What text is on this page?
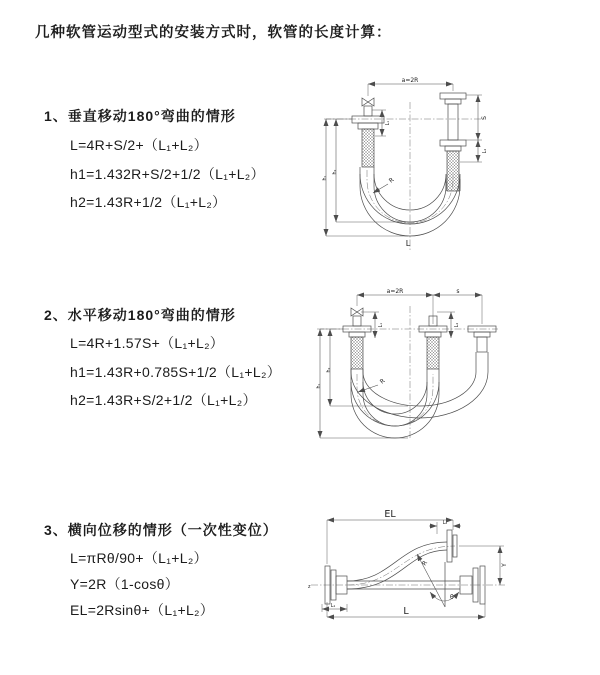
几种软管运动型式的安装方式时，软管的长度计算：
1、垂直移动180°弯曲的情形
L=4R+S/2+（L₁+L₂）
h1=1.432R+S/2+1/2（L₁+L₂）
h2=1.43R+1/2（L₁+L₂）
2、水平移动180°弯曲的情形
L=4R+1.57S+（L₁+L₂）
h1=1.43R+0.785S+1/2（L₁+L₂）
h2=1.43R+S/2+1/2（L₁+L₂）
3、横向位移的情形（一次性变位）
L=πRθ/90+（L₁+L₂）
Y=2R（1-cosθ）
EL=2Rsinθ+（L₁+L₂）
a=2R
S
L₂
L₁
h₁
h₂
R
L
a=2R	s
h₁
h₂
L₁	L₂
R
EL
L₂
Y
L
L₁
R
θ
z
